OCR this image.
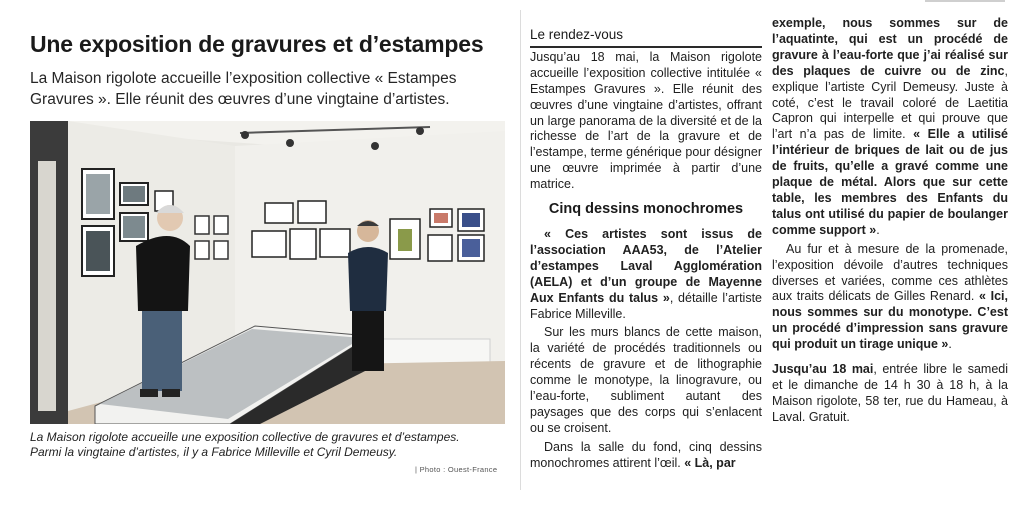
Une exposition de gravures et d’estampes
La Maison rigolote accueille l’exposition collective « Estampes Gravures ». Elle réunit des œuvres d’une vingtaine d’artistes.
La Maison rigolote accueille une exposition collective de gravures et d’estampes.
Parmi la vingtaine d’artistes, il y a Fabrice Milleville et Cyril Demeusy.
| Photo : Ouest-France
Le rendez-vous

Jusqu’au 18 mai, la Maison rigolote accueille l’exposition collective intitulée « Estampes Gravures ». Elle réunit des œuvres d’une vingtaine d’artistes, offrant un large panorama de la diversité et de la richesse de l’art de la gravure et de l’estampe, terme générique pour désigner une œuvre imprimée à partir d’une matrice.

Cinq dessins monochromes

« Ces artistes sont issus de l’association AAA53, de l’Atelier d’estampes Laval Agglomération (AELA) et d’un groupe de Mayenne Aux Enfants du talus », détaille l’artiste Fabrice Milleville.

Sur les murs blancs de cette maison, la variété de procédés traditionnels ou récents de gravure et de lithographie comme le monotype, la linogravure, ou l’eau-forte, subliment autant des paysages que des corps qui s’enlacent ou se croisent.

Dans la salle du fond, cinq dessins monochromes attirent l’œil. « Là, par

exemple, nous sommes sur de l’aquatinte, qui est un procédé de gravure à l’eau-forte que j’ai réalisé sur des plaques de cuivre ou de zinc, explique l’artiste Cyril Demeusy. Juste à coté, c’est le travail coloré de Laetitia Capron qui interpelle et qui prouve que l’art n’a pas de limite. « Elle a utilisé l’intérieur de briques de lait ou de jus de fruits, qu’elle a gravé comme une plaque de métal. Alors que sur cette table, les membres des Enfants du talus ont utilisé du papier de boulanger comme support ».

Au fur et à mesure de la promenade, l’exposition dévoile d’autres techniques diverses et variées, comme ces athlètes aux traits délicats de Gilles Renard. « Ici, nous sommes sur du monotype. C’est un procédé d’impression sans gravure qui produit un tirage unique ».

Jusqu’au 18 mai, entrée libre le samedi et le dimanche de 14 h 30 à 18 h, à la Maison rigolote, 58 ter, rue du Hameau, à Laval. Gratuit.
